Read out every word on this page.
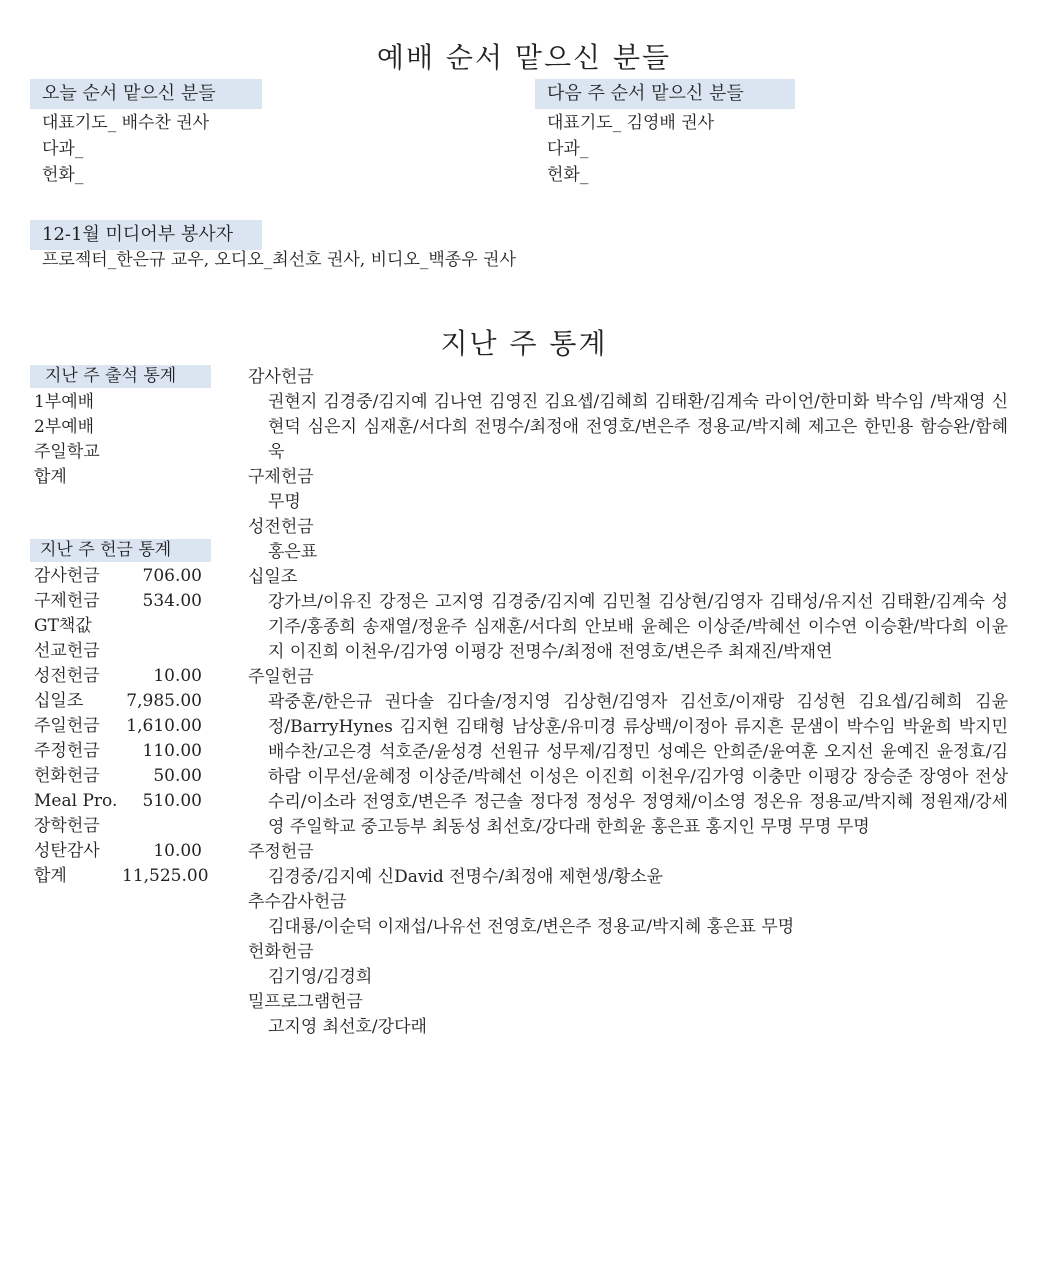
예배 순서 맡으신 분들
오늘 순서 맡으신 분들
대표기도_ 배수찬 권사
다과_
헌화_
다음 주 순서 맡으신 분들
대표기도_ 김영배 권사
다과_
헌화_
12-1월 미디어부 봉사자
프로젝터_한은규 교우, 오디오_최선호 권사, 비디오_백종우 권사
지난 주 통계
지난 주 출석 통계
1부예배
2부예배
주일학교
합계
지난 주 헌금 통계
감사헌금	706.00
구제헌금	534.00
GT책값
선교헌금
성전헌금	10.00
십일조	7,985.00
주일헌금	1,610.00
주정헌금	110.00
헌화헌금	50.00
Meal Pro.	510.00
장학헌금
성탄감사	10.00
합계	11,525.00
감사헌금
권현지 김경중/김지예 김나연 김영진 김요셉/김혜희 김태환/김계숙 라이언/한미화 박수임 /박재영 신현덕 심은지 심재훈/서다희 전명수/최정애 전영호/변은주 정용교/박지혜 제고은 한민용 함승완/함혜욱
구제헌금
무명
성전헌금
홍은표
십일조
강가브/이유진 강정은 고지영 김경중/김지예 김민철 김상현/김영자 김태성/유지선 김태환/김계숙 성기주/홍종희 송재열/정윤주 심재훈/서다희 안보배 윤혜은 이상준/박혜선 이수연 이승환/박다희 이윤지 이진희 이천우/김가영 이평강 전명수/최정애 전영호/변은주 최재진/박재연
주일헌금
곽중훈/한은규 권다솔 김다솔/정지영 김상현/김영자 김선호/이재랑 김성현 김요셉/김혜희 김윤정/BarryHynes 김지현 김태형 남상훈/유미경 류상백/이정아 류지흔 문샘이 박수임 박윤희 박지민 배수찬/고은경 석호준/윤성경 선원규 성무제/김정민 성예은 안희준/윤여훈 오지선 윤예진 윤정효/김하람 이무선/윤혜정 이상준/박혜선 이성은 이진희 이천우/김가영 이충만 이평강 장승준 장영아 전상수리/이소라 전영호/변은주 정근솔 정다정 정성우 정영채/이소영 정온유 정용교/박지혜 정원재/강세영 주일학교 중고등부 최동성 최선호/강다래 한희윤 홍은표 홍지인 무명 무명 무명
주정헌금
김경중/김지예 신David 전명수/최정애 제현생/황소윤
추수감사헌금
김대룡/이순덕 이재섭/나유선 전영호/변은주 정용교/박지혜 홍은표 무명
헌화헌금
김기영/김경희
밀프로그램헌금
고지영 최선호/강다래
